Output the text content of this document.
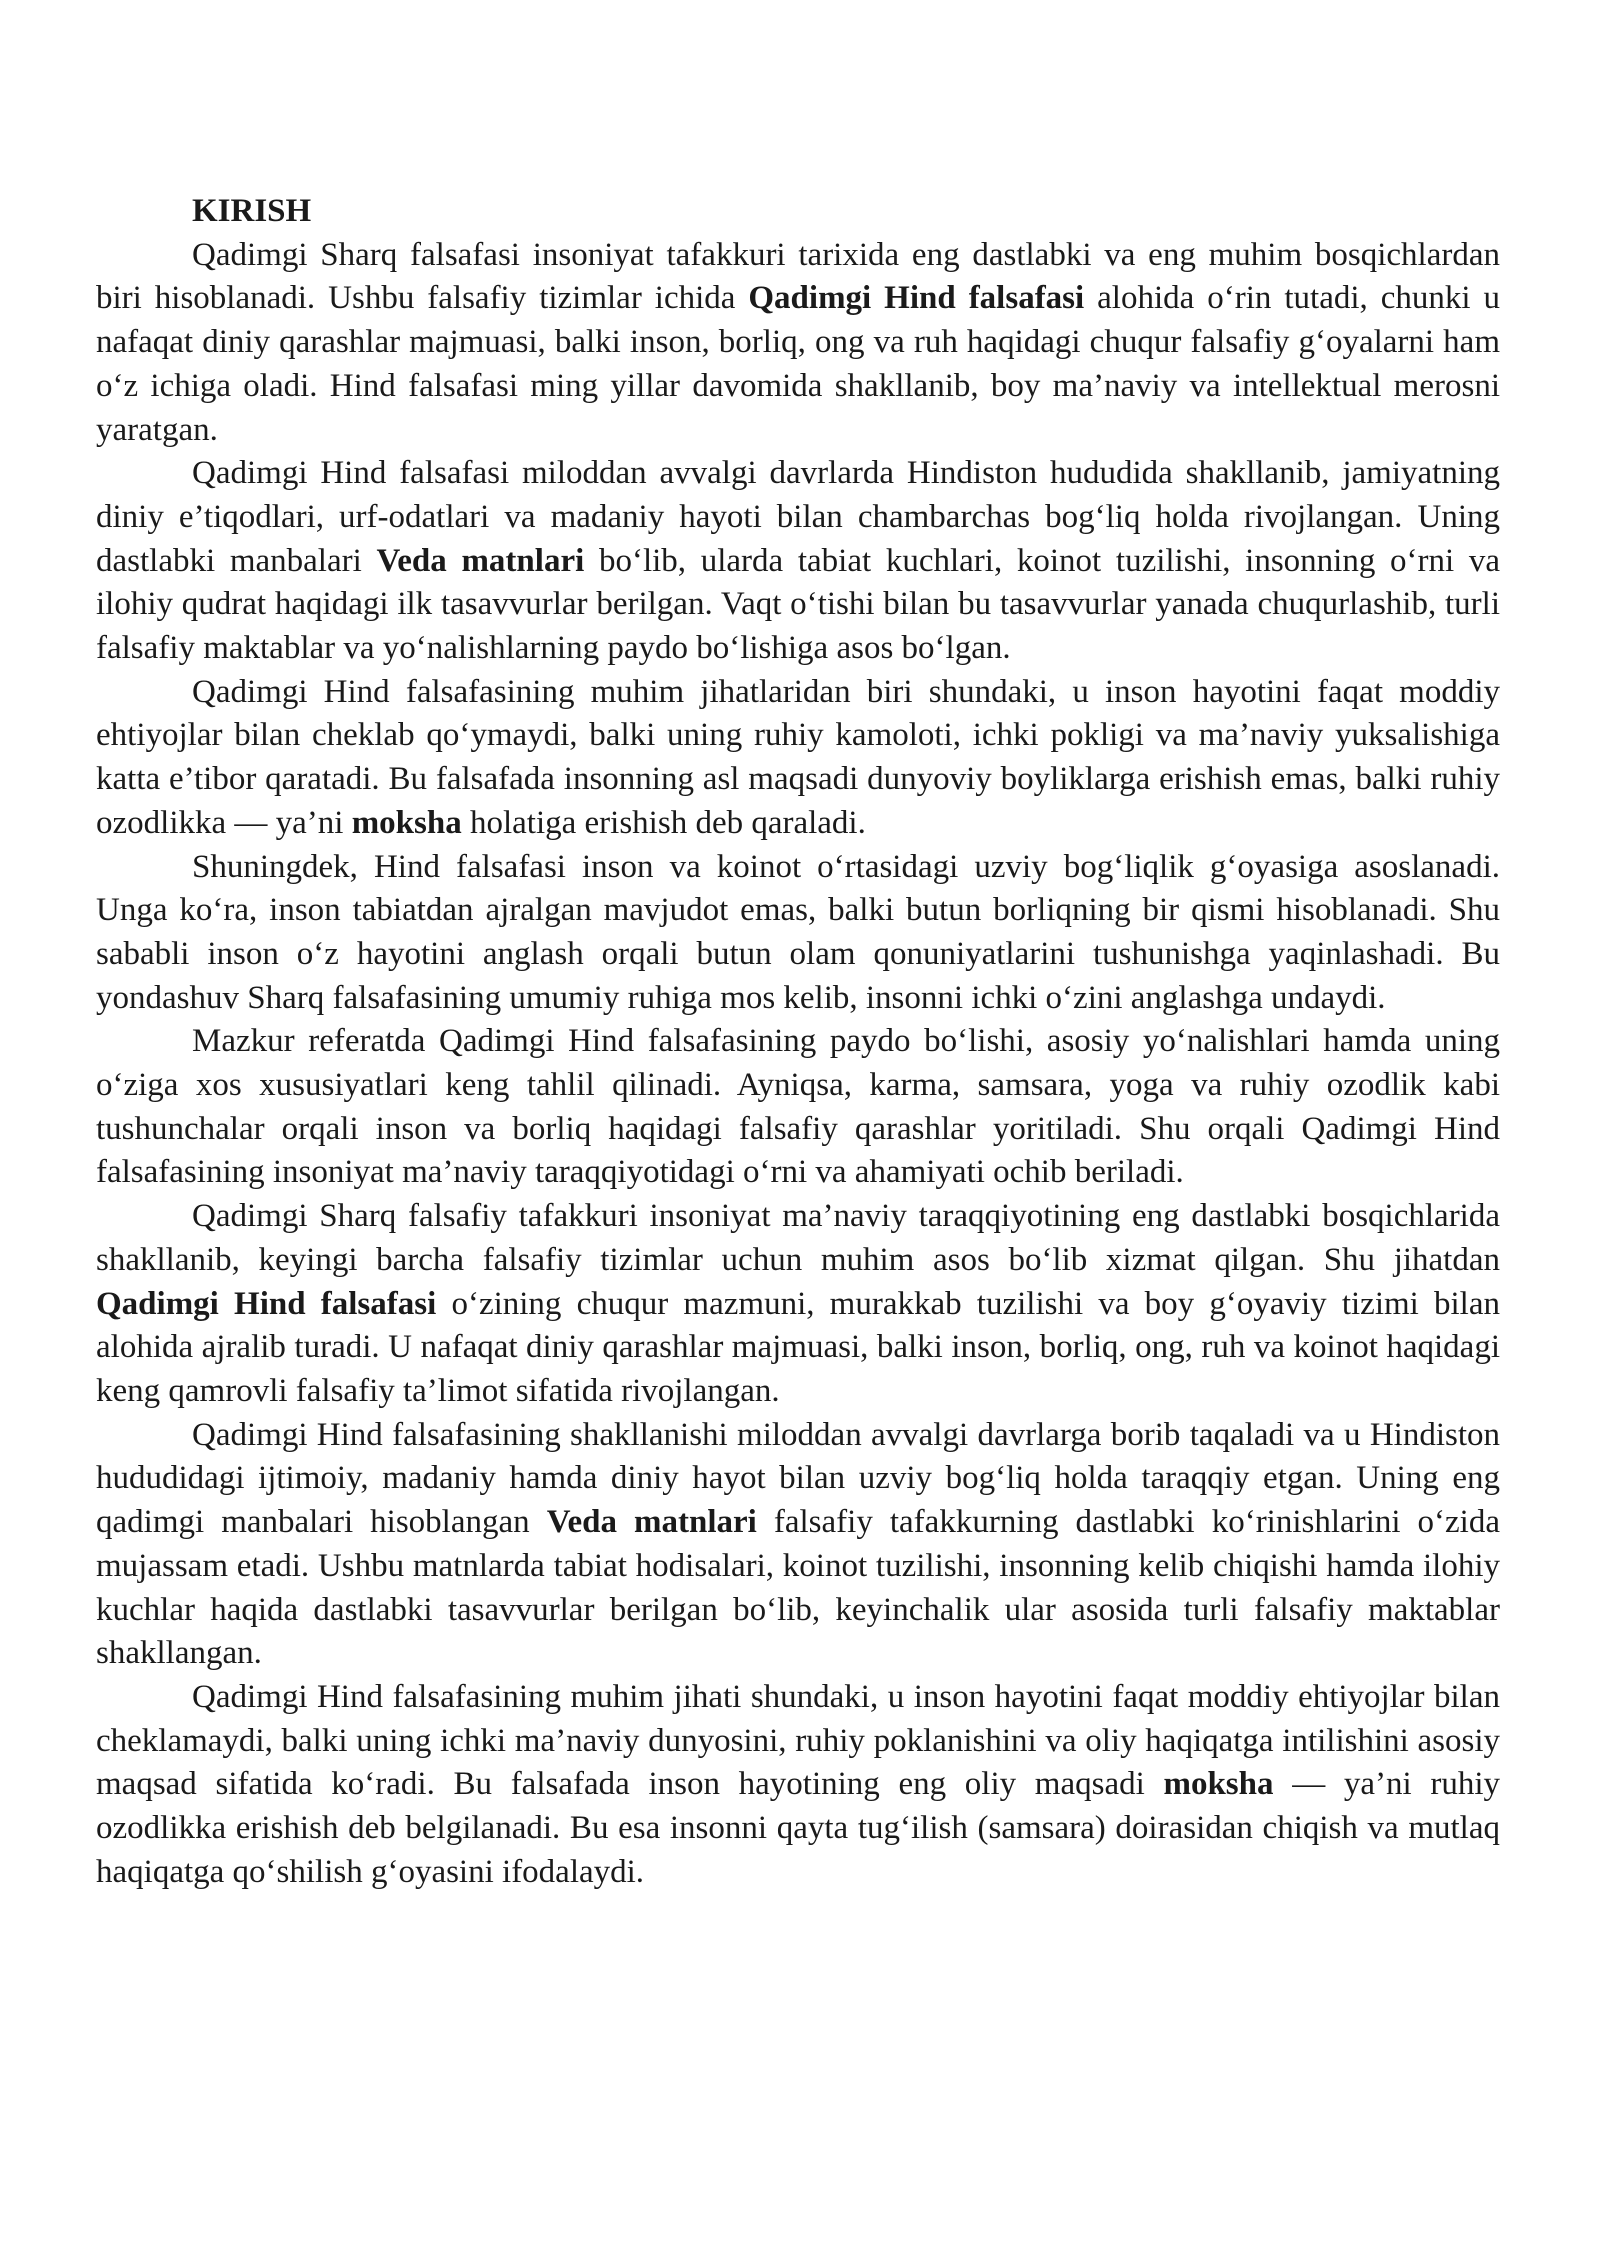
KIRISH

Qadimgi Sharq falsafasi insoniyat tafakkuri tarixida eng dastlabki va eng muhim bosqichlardan biri hisoblanadi. Ushbu falsafiy tizimlar ichida Qadimgi Hind falsafasi alohida o‘rin tutadi, chunki u nafaqat diniy qarashlar majmuasi, balki inson, borliq, ong va ruh haqidagi chuqur falsafiy g‘oyalarni ham o‘z ichiga oladi. Hind falsafasi ming yillar davomida shakllanib, boy ma’naviy va intellektual merosni yaratgan.

Qadimgi Hind falsafasi miloddan avvalgi davrlarda Hindiston hududida shakllanib, jamiyatning diniy e’tiqodlari, urf-odatlari va madaniy hayoti bilan chambarchas bog‘liq holda rivojlangan. Uning dastlabki manbalari Veda matnlari bo‘lib, ularda tabiat kuchlari, koinot tuzilishi, insonning o‘rni va ilohiy qudrat haqidagi ilk tasavvurlar berilgan. Vaqt o‘tishi bilan bu tasavvurlar yanada chuqurlashib, turli falsafiy maktablar va yo‘nalishlarning paydo bo‘lishiga asos bo‘lgan.

Qadimgi Hind falsafasining muhim jihatlaridan biri shundaki, u inson hayotini faqat moddiy ehtiyojlar bilan cheklab qo‘ymaydi, balki uning ruhiy kamoloti, ichki pokligi va ma’naviy yuksalishiga katta e’tibor qaratadi. Bu falsafada insonning asl maqsadi dunyoviy boyliklarga erishish emas, balki ruhiy ozodlikka — ya’ni moksha holatiga erishish deb qaraladi.

Shuningdek, Hind falsafasi inson va koinot o‘rtasidagi uzviy bog‘liqlik g‘oyasiga asoslanadi. Unga ko‘ra, inson tabiatdan ajralgan mavjudot emas, balki butun borliqning bir qismi hisoblanadi. Shu sababli inson o‘z hayotini anglash orqali butun olam qonuniyatlarini tushunishga yaqinlashadi. Bu yondashuv Sharq falsafasining umumiy ruhiga mos kelib, insonni ichki o‘zini anglashga undaydi.

Mazkur referatda Qadimgi Hind falsafasining paydo bo‘lishi, asosiy yo‘nalishlari hamda uning o‘ziga xos xususiyatlari keng tahlil qilinadi. Ayniqsa, karma, samsara, yoga va ruhiy ozodlik kabi tushunchalar orqali inson va borliq haqidagi falsafiy qarashlar yoritiladi. Shu orqali Qadimgi Hind falsafasining insoniyat ma’naviy taraqqiyotidagi o‘rni va ahamiyati ochib beriladi.

Qadimgi Sharq falsafiy tafakkuri insoniyat ma’naviy taraqqiyotining eng dastlabki bosqichlarida shakllanib, keyingi barcha falsafiy tizimlar uchun muhim asos bo‘lib xizmat qilgan. Shu jihatdan Qadimgi Hind falsafasi o‘zining chuqur mazmuni, murakkab tuzilishi va boy g‘oyaviy tizimi bilan alohida ajralib turadi. U nafaqat diniy qarashlar majmuasi, balki inson, borliq, ong, ruh va koinot haqidagi keng qamrovli falsafiy ta’limot sifatida rivojlangan.

Qadimgi Hind falsafasining shakllanishi miloddan avvalgi davrlarga borib taqaladi va u Hindiston hududidagi ijtimoiy, madaniy hamda diniy hayot bilan uzviy bog‘liq holda taraqqiy etgan. Uning eng qadimgi manbalari hisoblangan Veda matnlari falsafiy tafakkurning dastlabki ko‘rinishlarini o‘zida mujassam etadi. Ushbu matnlarda tabiat hodisalari, koinot tuzilishi, insonning kelib chiqishi hamda ilohiy kuchlar haqida dastlabki tasavvurlar berilgan bo‘lib, keyinchalik ular asosida turli falsafiy maktablar shakllangan.

Qadimgi Hind falsafasining muhim jihati shundaki, u inson hayotini faqat moddiy ehtiyojlar bilan cheklamaydi, balki uning ichki ma’naviy dunyosini, ruhiy poklanishini va oliy haqiqatga intilishini asosiy maqsad sifatida ko‘radi. Bu falsafada inson hayotining eng oliy maqsadi moksha — ya’ni ruhiy ozodlikka erishish deb belgilanadi. Bu esa insonni qayta tug‘ilish (samsara) doirasidan chiqish va mutlaq haqiqatga qo‘shilish g‘oyasini ifodalaydi.
